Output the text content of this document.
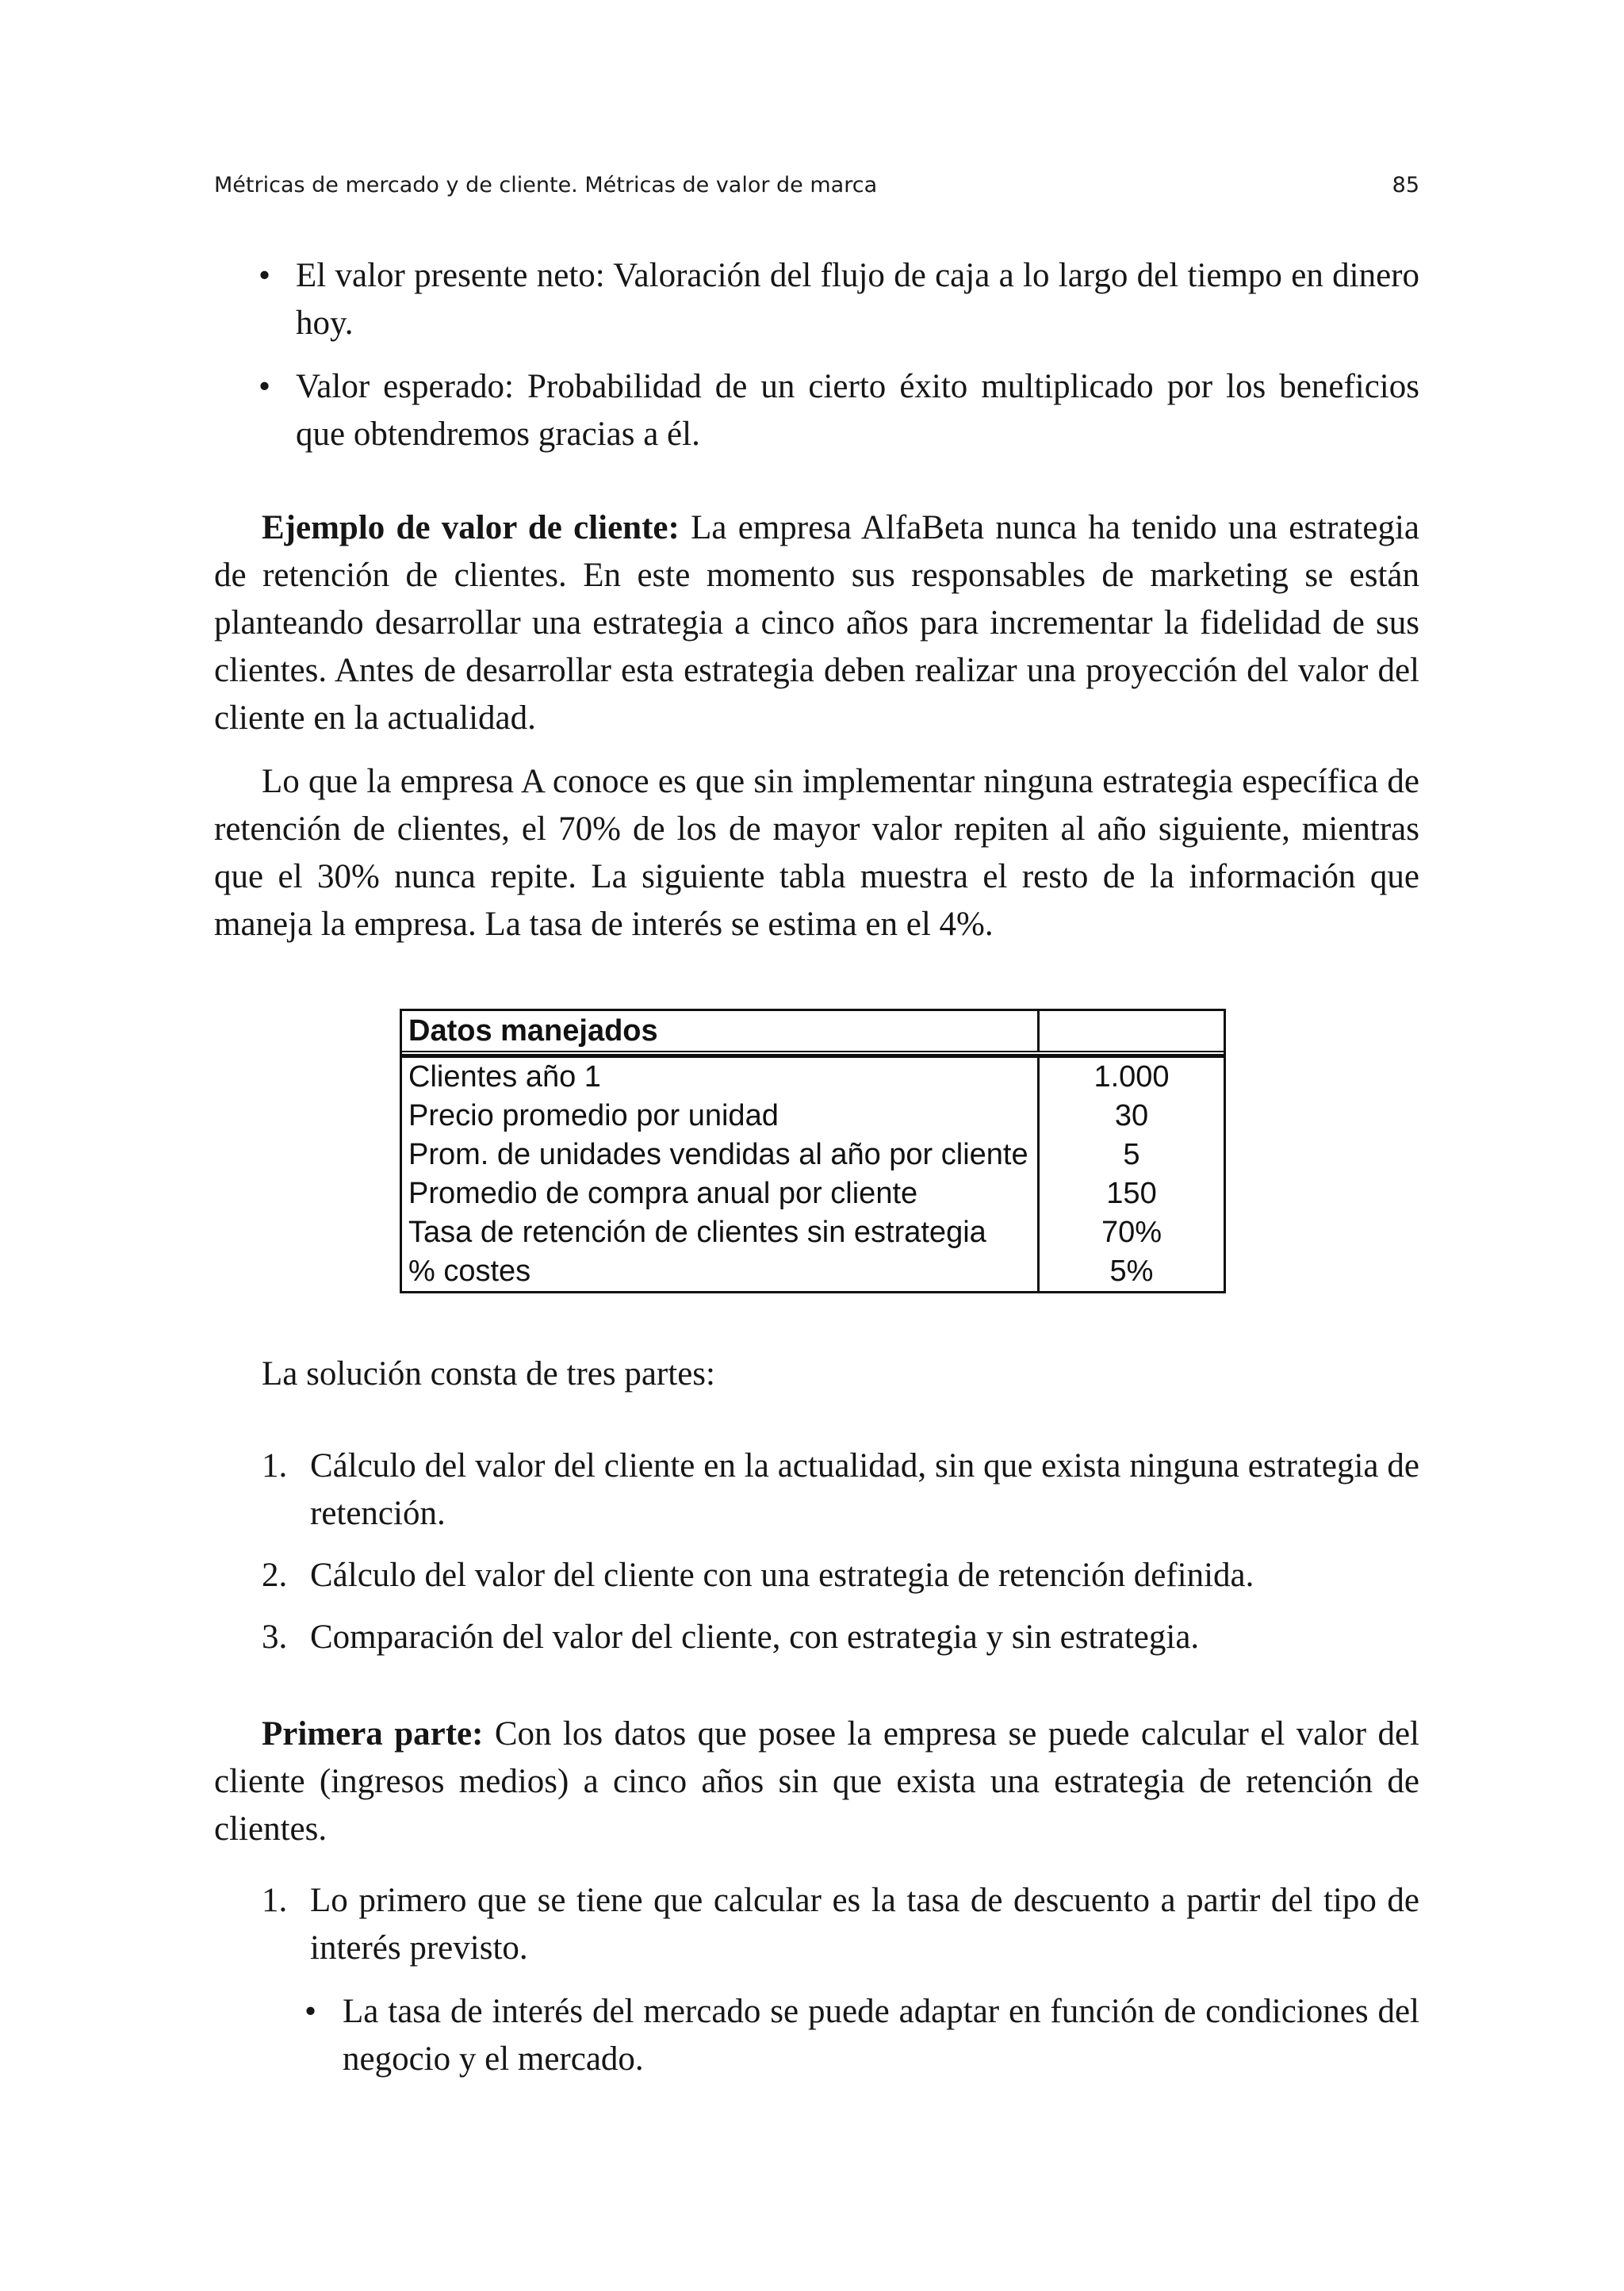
Métricas de mercado y de cliente. Métricas de valor de marca	85
• El valor presente neto: Valoración del flujo de caja a lo largo del tiempo en dinero hoy.
• Valor esperado: Probabilidad de un cierto éxito multiplicado por los beneficios que obtendremos gracias a él.

Ejemplo de valor de cliente: La empresa AlfaBeta nunca ha tenido una estrategia de retención de clientes. En este momento sus responsables de marketing se están planteando desarrollar una estrategia a cinco años para incrementar la fidelidad de sus clientes. Antes de desarrollar esta estrategia deben realizar una proyección del valor del cliente en la actualidad.

Lo que la empresa A conoce es que sin implementar ninguna estrategia específica de retención de clientes, el 70% de los de mayor valor repiten al año siguiente, mientras que el 30% nunca repite. La siguiente tabla muestra el resto de la información que maneja la empresa. La tasa de interés se estima en el 4%.

Datos manejados
Clientes año 1
Precio promedio por unidad
Prom. de unidades vendidas al año por cliente
Promedio de compra anual por cliente
Tasa de retención de clientes sin estrategia
% costes
1.000
30
5
150
70%
5%

La solución consta de tres partes:

1. Cálculo del valor del cliente en la actualidad, sin que exista ninguna estrategia de retención.
2. Cálculo del valor del cliente con una estrategia de retención definida.
3. Comparación del valor del cliente, con estrategia y sin estrategia.

Primera parte: Con los datos que posee la empresa se puede calcular el valor del cliente (ingresos medios) a cinco años sin que exista una estrategia de retención de clientes.

1. Lo primero que se tiene que calcular es la tasa de descuento a partir del tipo de interés previsto.
• La tasa de interés del mercado se puede adaptar en función de condiciones del negocio y el mercado.
